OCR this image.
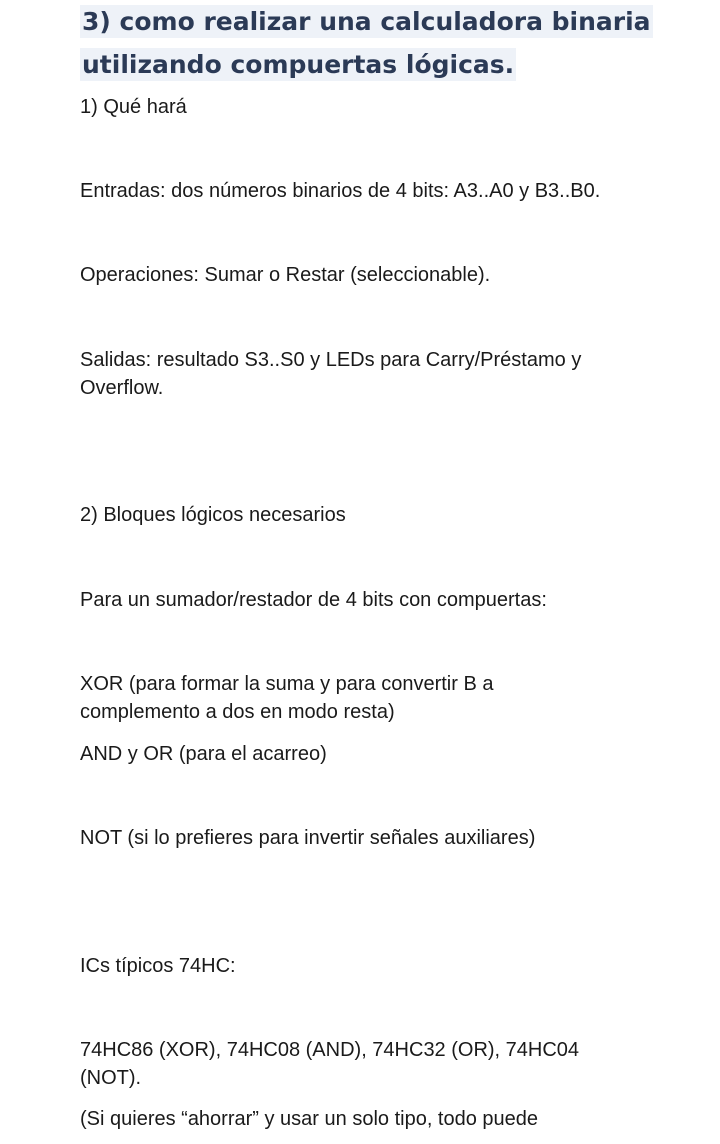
3) como realizar una calculadora binaria
utilizando compuertas lógicas.

1) Qué hará

Entradas: dos números binarios de 4 bits: A3..A0 y B3..B0.

Operaciones: Sumar o Restar (seleccionable).

Salidas: resultado S3..S0 y LEDs para Carry/Préstamo y
Overflow.

2) Bloques lógicos necesarios

Para un sumador/restador de 4 bits con compuertas:

XOR (para formar la suma y para convertir B a
complemento a dos en modo resta)

AND y OR (para el acarreo)

NOT (si lo prefieres para invertir señales auxiliares)

ICs típicos 74HC:

74HC86 (XOR), 74HC08 (AND), 74HC32 (OR), 74HC04
(NOT).

(Si quieres “ahorrar” y usar un solo tipo, todo puede
